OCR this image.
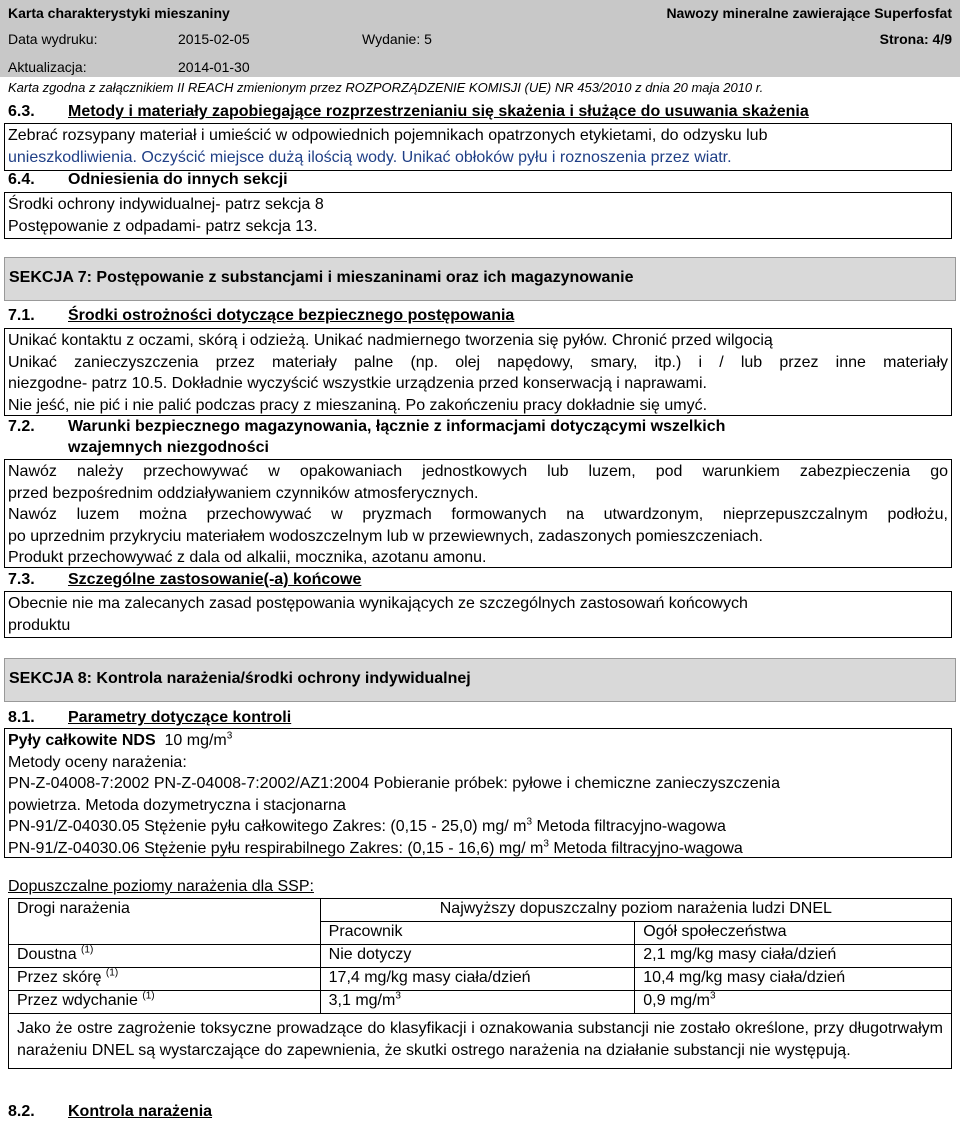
Karta charakterystyki mieszaniny	Nawozy mineralne zawierające Superfosfat
Data wydruku:	2015-02-05	Wydanie: 5	Strona: 4/9
Aktualizacja:	2014-01-30
Karta zgodna z załącznikiem II REACH zmienionym przez ROZPORZĄDZENIE KOMISJI (UE) NR 453/2010 z dnia 20 maja 2010 r.
6.3. Metody i materiały zapobiegające rozprzestrzenianiu się skażenia i służące do usuwania skażenia

Zebrać rozsypany materiał i umieścić w odpowiednich pojemnikach opatrzonych etykietami, do odzysku lub

unieszkodliwienia. Oczyścić miejsce dużą ilością wody. Unikać obłoków pyłu i roznoszenia przez wiatr.

6.4. Odniesienia do innych sekcji

Środki ochrony indywidualnej- patrz sekcja 8

Postępowanie z odpadami- patrz sekcja 13.

SEKCJA 7: Postępowanie z substancjami i mieszaninami oraz ich magazynowanie
7.1. Środki ostrożności dotyczące bezpiecznego postępowania

Unikać kontaktu z oczami, skórą i odzieżą. Unikać nadmiernego tworzenia się pyłów. Chronić przed wilgocią

Unikać zanieczyszczenia przez materiały palne (np. olej napędowy, smary, itp.) i / lub przez inne materiały

niezgodne- patrz 10.5. Dokładnie wyczyścić wszystkie urządzenia przed konserwacją i naprawami.

Nie jeść, nie pić i nie palić podczas pracy z mieszaniną. Po zakończeniu pracy dokładnie się umyć.

7.2. Warunki bezpiecznego magazynowania, łącznie z informacjami dotyczącymi wszelkich
wzajemnych niezgodności

Nawóz należy przechowywać w opakowaniach jednostkowych lub luzem, pod warunkiem zabezpieczenia go

przed bezpośrednim oddziaływaniem czynników atmosferycznych.

Nawóz luzem można przechowywać w pryzmach formowanych na utwardzonym, nieprzepuszczalnym podłożu,

po uprzednim przykryciu materiałem wodoszczelnym lub w przewiewnych, zadaszonych pomieszczeniach.

Produkt przechowywać z dala od alkalii, mocznika, azotanu amonu.

7.3. Szczególne zastosowanie(-a) końcowe

Obecnie nie ma zalecanych zasad postępowania wynikających ze szczególnych zastosowań końcowych

produktu

SEKCJA 8: Kontrola narażenia/środki ochrony indywidualnej
8.1. Parametry dotyczące kontroli

Pyły całkowite NDS 10 $mg/m^3$

Metody oceny narażenia:

PN-Z-04008-7:2002 PN-Z-04008-7:2002/AZ1:2004 Pobieranie próbek: pyłowe i chemiczne zanieczyszczenia

powietrza. Metoda dozymetryczna i stacjonarna

PN-91/Z-04030.05 Stężenie pyłu całkowitego Zakres: (0,15 - 25,0) mg/ $m^3$ Metoda filtracyjno-wagowa

PN-91/Z-04030.06 Stężenie pyłu respirabilnego Zakres: (0,15 - 16,6) mg/ $m^3$ Metoda filtracyjno-wagowa

Dopuszczalne poziomy narażenia dla SSP:
Drogi narażenia	Najwyższy dopuszczalny poziom narażenia ludzi DNEL	
	Pracownik	Ogół społeczeństwa
Doustna $^{(1)}$	Nie dotyczy	2,1 mg/kg masy ciała/dzień
Przez skórę $^{(1)}$	17,4 mg/kg masy ciała/dzień	10,4 mg/kg masy ciała/dzień
Przez wdychanie $^{(1)}$	3,1 $mg/m^3$	0,9 $mg/m^3$
Jako że ostre zagrożenie toksyczne prowadzące do klasyfikacji i oznakowania substancji nie zostało określone, przy długotrwałym narażeniu DNEL są wystarczające do zapewnienia, że skutki ostrego narażenia na działanie substancji nie występują.		
8.2. Kontrola narażenia
